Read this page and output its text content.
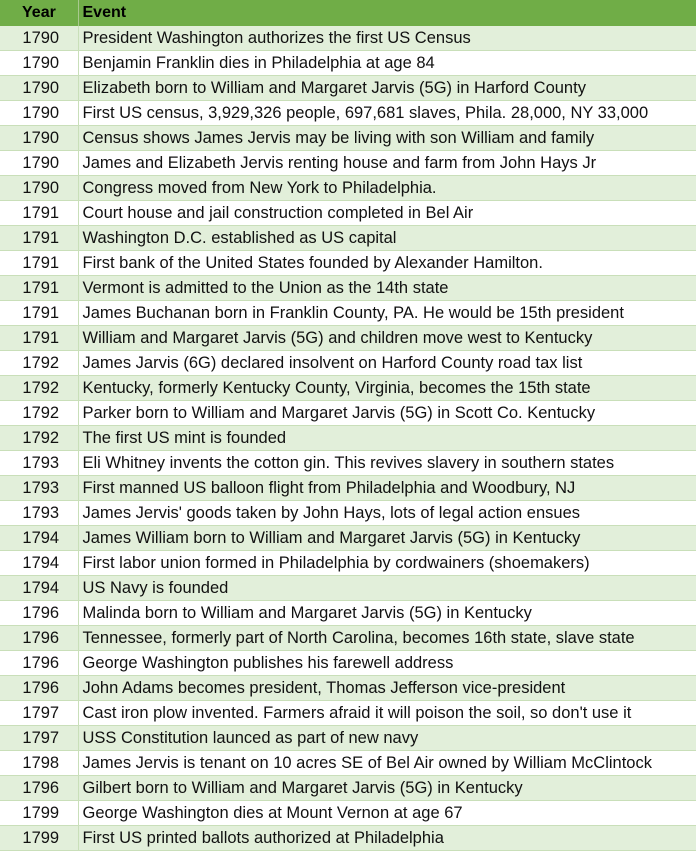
Year	Event
1790	President Washington authorizes the first US Census
1790	Benjamin Franklin dies in Philadelphia at age 84
1790	Elizabeth born to William and Margaret Jarvis (5G) in Harford County
1790	First US census, 3,929,326 people, 697,681 slaves, Phila. 28,000, NY 33,000
1790	Census shows James Jervis may be living with son William and family
1790	James and Elizabeth Jervis renting house and farm from John Hays Jr
1790	Congress moved from New York to Philadelphia.
1791	Court house and jail construction completed in Bel Air
1791	Washington D.C. established as US capital
1791	First bank of the United States founded by Alexander Hamilton.
1791	Vermont is admitted to the Union as the 14th state
1791	James Buchanan born in Franklin County, PA. He would be 15th president
1791	William and Margaret Jarvis (5G) and children move west to Kentucky
1792	James Jarvis (6G) declared insolvent on Harford County road tax list
1792	Kentucky, formerly Kentucky County, Virginia, becomes the 15th state
1792	Parker born to William and Margaret Jarvis (5G) in Scott Co. Kentucky
1792	The first US mint is founded
1793	Eli Whitney invents the cotton gin. This revives slavery in southern states
1793	First manned US balloon flight from Philadelphia and Woodbury, NJ
1793	James Jervis' goods taken by John Hays, lots of legal action ensues
1794	James William born to William and Margaret Jarvis (5G) in Kentucky
1794	First labor union formed in Philadelphia by cordwainers (shoemakers)
1794	US Navy is founded
1796	Malinda born to William and Margaret Jarvis (5G) in Kentucky
1796	Tennessee, formerly part of North Carolina, becomes 16th state, slave state
1796	George Washington publishes his farewell address
1796	John Adams becomes president, Thomas Jefferson vice-president
1797	Cast iron plow invented. Farmers afraid it will poison the soil, so don't use it
1797	USS Constitution launced as part of new navy
1798	James Jervis is tenant on 10 acres SE of Bel Air owned by William McClintock
1796	Gilbert born to William and Margaret Jarvis (5G) in Kentucky
1799	George Washington dies at Mount Vernon at age 67
1799	First US printed ballots authorized at Philadelphia
